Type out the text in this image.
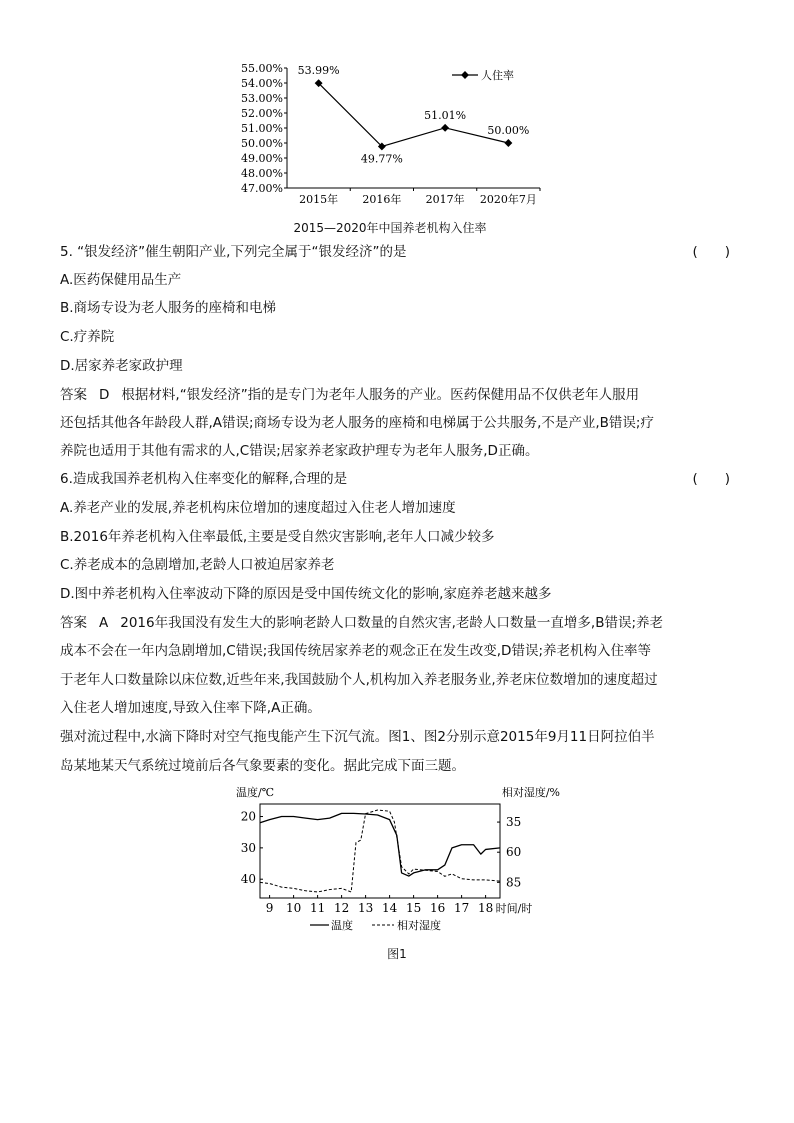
55.00%
54.00%
53.00%
52.00%
51.00%
50.00%
49.00%
48.00%
47.00%
2015年 2016年 2017年 2020年7月
53.99%
49.77%
51.01%
50.00%
人住率
2015—2020年中国养老机构入住率
5. “银发经济”催生朝阳产业,下列完全属于“银发经济”的是	(　　)
A.医药保健用品生产
B.商场专设为老人服务的座椅和电梯
C.疗养院
D.居家养老家政护理
答案 D 根据材料,“银发经济”指的是专门为老年人服务的产业。医药保健用品不仅供老年人服用
还包括其他各年龄段人群,A错误;商场专设为老人服务的座椅和电梯属于公共服务,不是产业,B错误;疗
养院也适用于其他有需求的人,C错误;居家养老家政护理专为老年人服务,D正确。
6.造成我国养老机构入住率变化的解释,合理的是	(　　)
A.养老产业的发展,养老机构床位增加的速度超过入住老人增加速度
B.2016年养老机构入住率最低,主要是受自然灾害影响,老年人口减少较多
C.养老成本的急剧增加,老龄人口被迫居家养老
D.图中养老机构入住率波动下降的原因是受中国传统文化的影响,家庭养老越来越多
答案 A 2016年我国没有发生大的影响老龄人口数量的自然灾害,老龄人口数量一直增多,B错误;养老
成本不会在一年内急剧增加,C错误;我国传统居家养老的观念正在发生改变,D错误;养老机构入住率等
于老年人口数量除以床位数,近些年来,我国鼓励个人,机构加入养老服务业,养老床位数增加的速度超过
入住老人增加速度,导致入住率下降,A正确。
强对流过程中,水滴下降时对空气拖曳能产生下沉气流。图1、图2分别示意2015年9月11日阿拉伯半
岛某地某天气系统过境前后各气象要素的变化。据此完成下面三题。
温度/℃	相对湿度/%
40
30
20
85
60
35
9 10 11 12 13 14 15 16 17 18 时间/时
温度	相对湿度
图1
